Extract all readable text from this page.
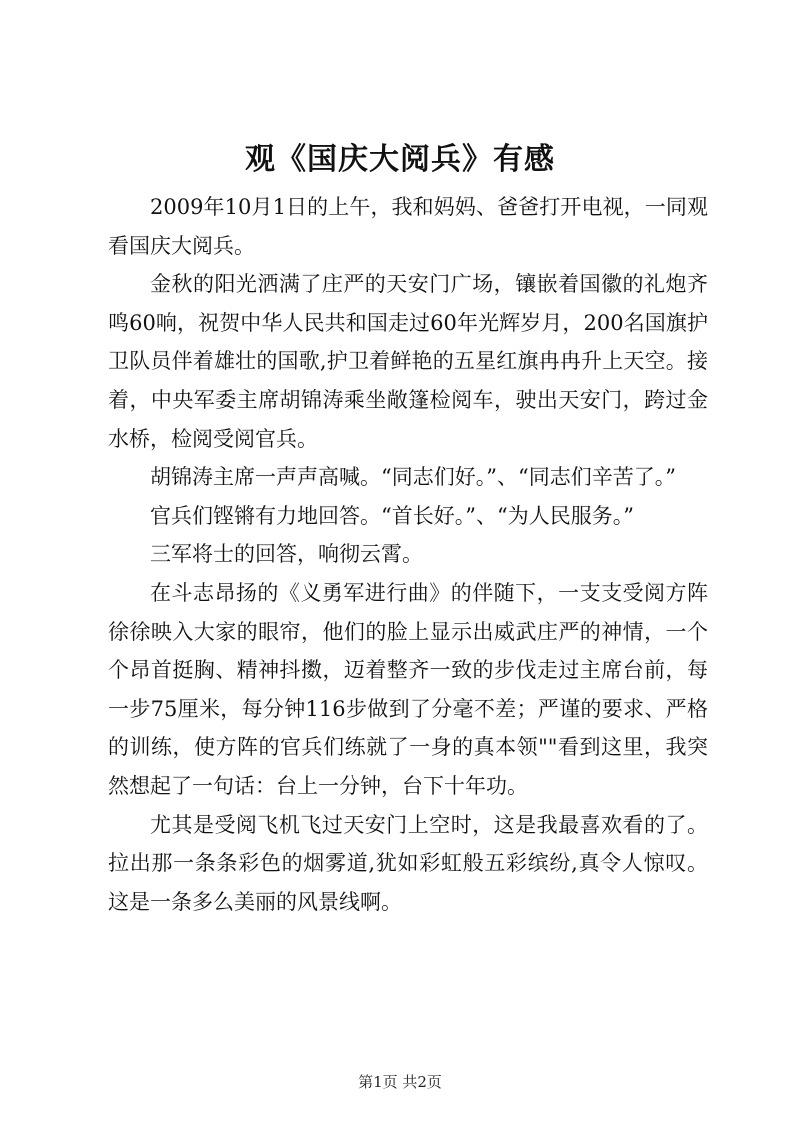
观《国庆大阅兵》有感

2009年10月1日的上午，我和妈妈、爸爸打开电视，一同观看国庆大阅兵。

金秋的阳光洒满了庄严的天安门广场，镶嵌着国徽的礼炮齐鸣60响，祝贺中华人民共和国走过60年光辉岁月，200名国旗护卫队员伴着雄壮的国歌,护卫着鲜艳的五星红旗冉冉升上天空。接着，中央军委主席胡锦涛乘坐敞篷检阅车，驶出天安门，跨过金水桥，检阅受阅官兵。

胡锦涛主席一声声高喊。“同志们好。”、“同志们辛苦了。”

官兵们铿锵有力地回答。“首长好。”、“为人民服务。”

三军将士的回答，响彻云霄。

在斗志昂扬的《义勇军进行曲》的伴随下，一支支受阅方阵徐徐映入大家的眼帘，他们的脸上显示出威武庄严的神情，一个个昂首挺胸、精神抖擞，迈着整齐一致的步伐走过主席台前，每一步75厘米，每分钟116步做到了分毫不差；严谨的要求、严格的训练，使方阵的官兵们练就了一身的真本领""看到这里，我突然想起了一句话：台上一分钟，台下十年功。

尤其是受阅飞机飞过天安门上空时，这是我最喜欢看的了。拉出那一条条彩色的烟雾道,犹如彩虹般五彩缤纷,真令人惊叹。这是一条多么美丽的风景线啊。

第1页 共2页
